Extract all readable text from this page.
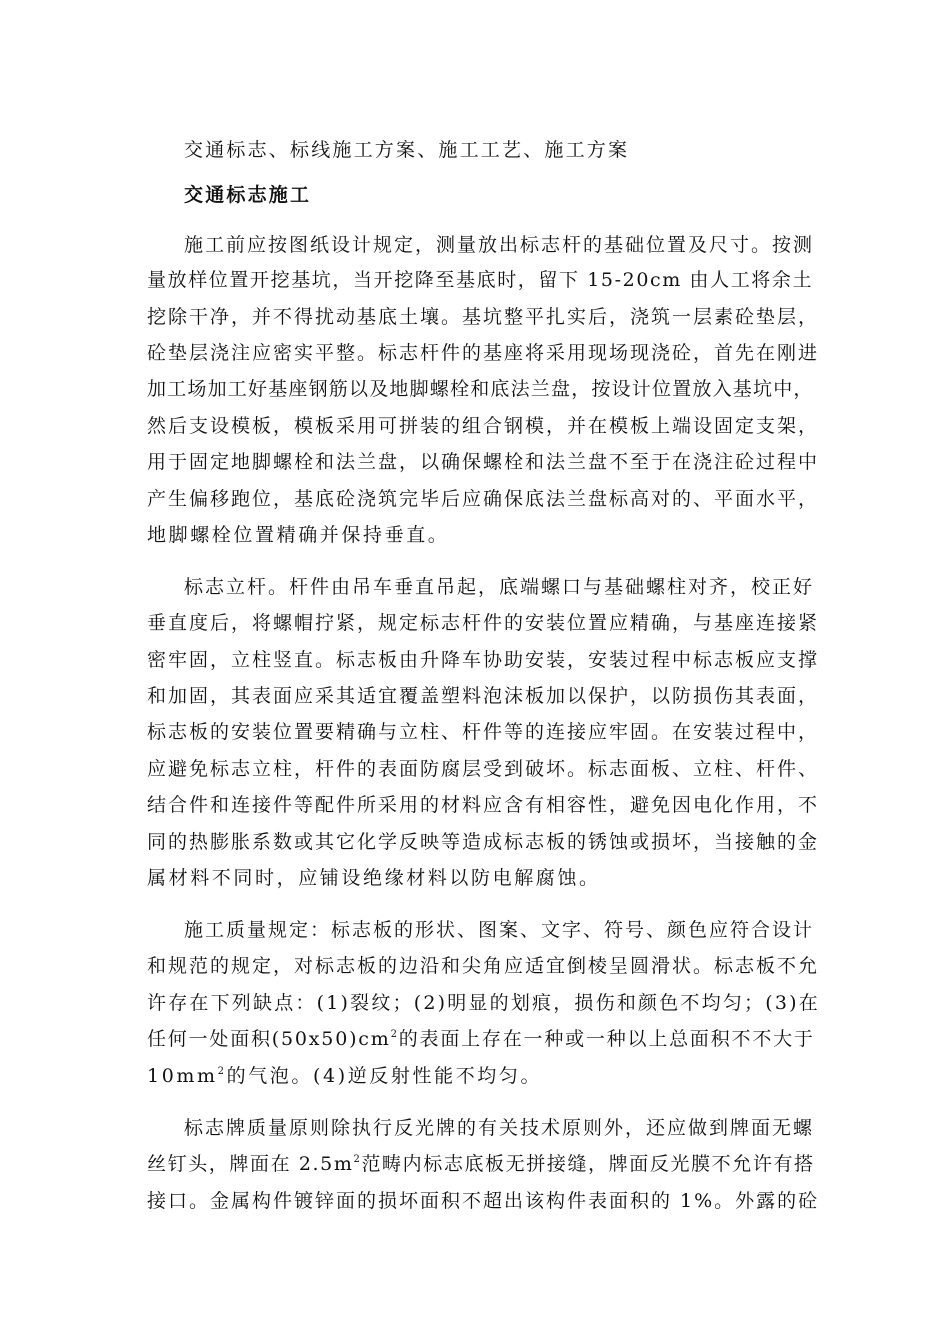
交通标志、标线施工方案、施工工艺、施工方案
交通标志施工
施工前应按图纸设计规定，测量放出标志杆的基础位置及尺寸。按测
量放样位置开挖基坑，当开挖降至基底时，留下 15-20cm 由人工将余土
挖除干净，并不得扰动基底土壤。基坑整平扎实后，浇筑一层素砼垫层，
砼垫层浇注应密实平整。标志杆件的基座将采用现场现浇砼，首先在刚进
加工场加工好基座钢筋以及地脚螺栓和底法兰盘，按设计位置放入基坑中，
然后支设模板，模板采用可拼装的组合钢模，并在模板上端设固定支架，
用于固定地脚螺栓和法兰盘，以确保螺栓和法兰盘不至于在浇注砼过程中
产生偏移跑位，基底砼浇筑完毕后应确保底法兰盘标高对的、平面水平，
地脚螺栓位置精确并保持垂直。
标志立杆。杆件由吊车垂直吊起，底端螺口与基础螺柱对齐，校正好
垂直度后，将螺帽拧紧，规定标志杆件的安装位置应精确，与基座连接紧
密牢固，立柱竖直。标志板由升降车协助安装，安装过程中标志板应支撑
和加固，其表面应采其适宜覆盖塑料泡沫板加以保护，以防损伤其表面，
标志板的安装位置要精确与立柱、杆件等的连接应牢固。在安装过程中，
应避免标志立柱，杆件的表面防腐层受到破坏。标志面板、立柱、杆件、
结合件和连接件等配件所采用的材料应含有相容性，避免因电化作用，不
同的热膨胀系数或其它化学反映等造成标志板的锈蚀或损坏，当接触的金
属材料不同时，应铺设绝缘材料以防电解腐蚀。
施工质量规定：标志板的形状、图案、文字、符号、颜色应符合设计
和规范的规定，对标志板的边沿和尖角应适宜倒棱呈圆滑状。标志板不允
许存在下列缺点：(1)裂纹；(2)明显的划痕，损伤和颜色不均匀；(3)在
任何一处面积$(50x50)cm^2$的表面上存在一种或一种以上总面积不不大于
$10mm^2$的气泡。(4)逆反射性能不均匀。
标志牌质量原则除执行反光牌的有关技术原则外，还应做到牌面无螺
丝钉头，牌面在 $2.5m^2$范畴内标志底板无拼接缝，牌面反光膜不允许有搭
接口。金属构件镀锌面的损坏面积不超出该构件表面积的 1%。外露的砼
